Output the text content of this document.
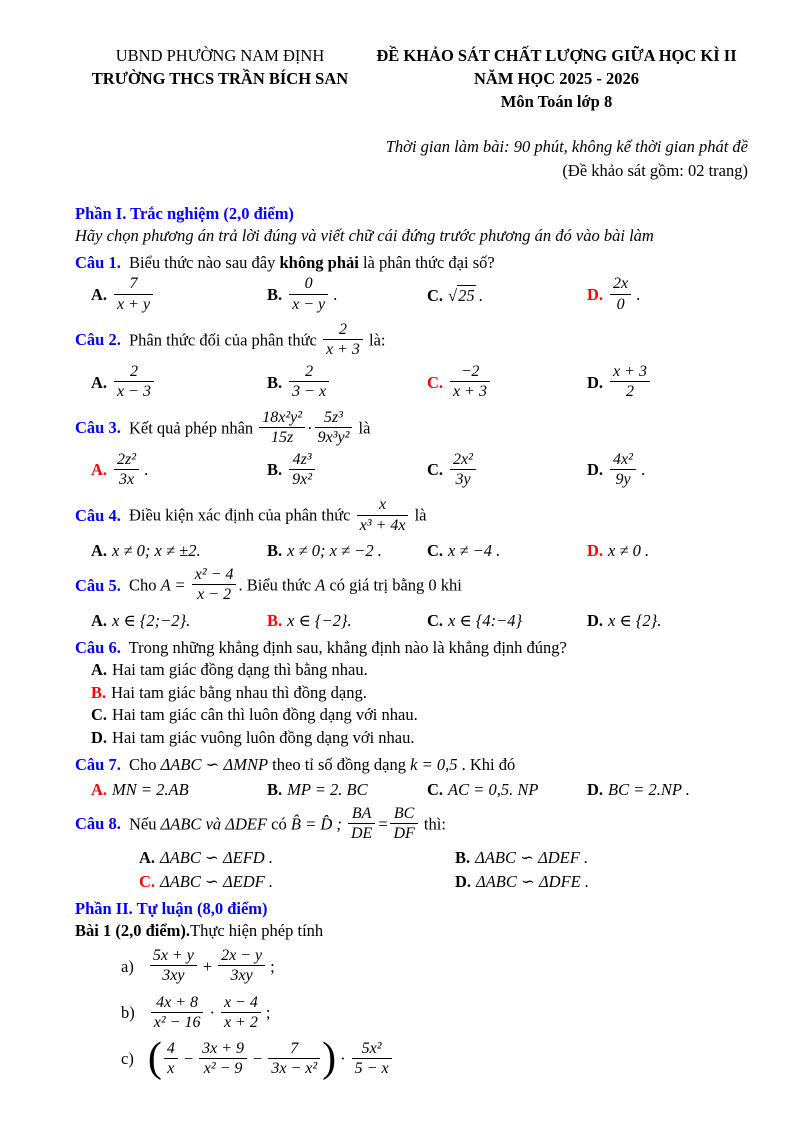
UBND PHƯỜNG NAM ĐỊNH
TRƯỜNG THCS TRẦN BÍCH SAN
ĐỀ KHẢO SÁT CHẤT LƯỢNG GIỮA HỌC KÌ II
NĂM HỌC 2025 - 2026
Môn Toán lớp 8
Thời gian làm bài: 90 phút, không kể thời gian phát đề
(Đề khảo sát gồm: 02 trang)
Phần I. Trắc nghiệm (2,0 điểm)
Hãy chọn phương án trả lời đúng và viết chữ cái đứng trước phương án đó vào bài làm
Câu 1. Biểu thức nào sau đây không phải là phân thức đại số?
A. $\frac{7}{x + y}$	B. $\frac{0}{x - y}$ .	C. √25 .	D. $\frac{2x}{0}$ .
Câu 2. Phân thức đối của phân thức $\frac{2}{x + 3}$ là:
A. $\frac{2}{x - 3}$	B. $\frac{2}{3 - x}$	C. $\frac{-2}{x + 3}$	D. $\frac{x + 3}{2}$
Câu 3. Kết quả phép nhân $\frac{\text{18x²y²}}{15z} \cdot \frac{\text{5z³}}{\text{9x³y²}}$ là
A. $\frac{\text{2z²}}{3x}$ .	B. $\frac{\text{4z³}}{\text{9x²}}$	C. $\frac{\text{2x²}}{3y}$	D. $\frac{\text{4x²}}{9y}$ .
Câu 4. Điều kiện xác định của phân thức $\frac{x}{\text{x³ + 4x}}$ là
A. x ≠ 0; x ≠ ±2.	B. x ≠ 0; x ≠ −2 .	C. x ≠ −4 .	D. x ≠ 0 .
Câu 5. Cho $A = \frac{\text{x² − 4}}{x - 2}$ . Biểu thức A có giá trị bằng 0 khi
A. x ∈ {2;−2}.	B. x ∈ {−2}.	C. x ∈ {4:−4}	D. x ∈ {2}.
Câu 6. Trong những khẳng định sau, khẳng định nào là khẳng định đúng?
A. Hai tam giác đồng dạng thì bằng nhau.
B. Hai tam giác bằng nhau thì đồng dạng.
C. Hai tam giác cân thì luôn đồng dạng với nhau.
D. Hai tam giác vuông luôn đồng dạng với nhau.
Câu 7. Cho ΔABC ∽ ΔMNP theo tỉ số đồng dạng k = 0,5 . Khi đó
A. MN = 2.AB	B. MP = 2. BC	C. AC = 0,5. NP	D. BC = 2.NP .
Câu 8. Nếu ΔABC và ΔDEF có B̂ = D̂ ; $\frac{BA}{DE} = \frac{BC}{DF}$ thì:
A. ΔABC ∽ ΔEFD .	B. ΔABC ∽ ΔDEF .
C. ΔABC ∽ ΔEDF .	D. ΔABC ∽ ΔDFE .
Phần II. Tự luận (8,0 điểm)
Bài 1 (2,0 điểm).Thực hiện phép tính
$a) \frac{5x + y}{3xy} + \frac{2x - y}{3xy}$ ;
$b) \frac{4x + 8}{\text{x² − 16}} \cdot \frac{x - 4}{x + 2}$ ;
c) ( $\frac{4}{x} - \frac{3x + 9}{\text{x² − 9}} - \frac{7}{\text{3x − x²}}$ ) · $\frac{\text{5x²}}{5 - x}$
